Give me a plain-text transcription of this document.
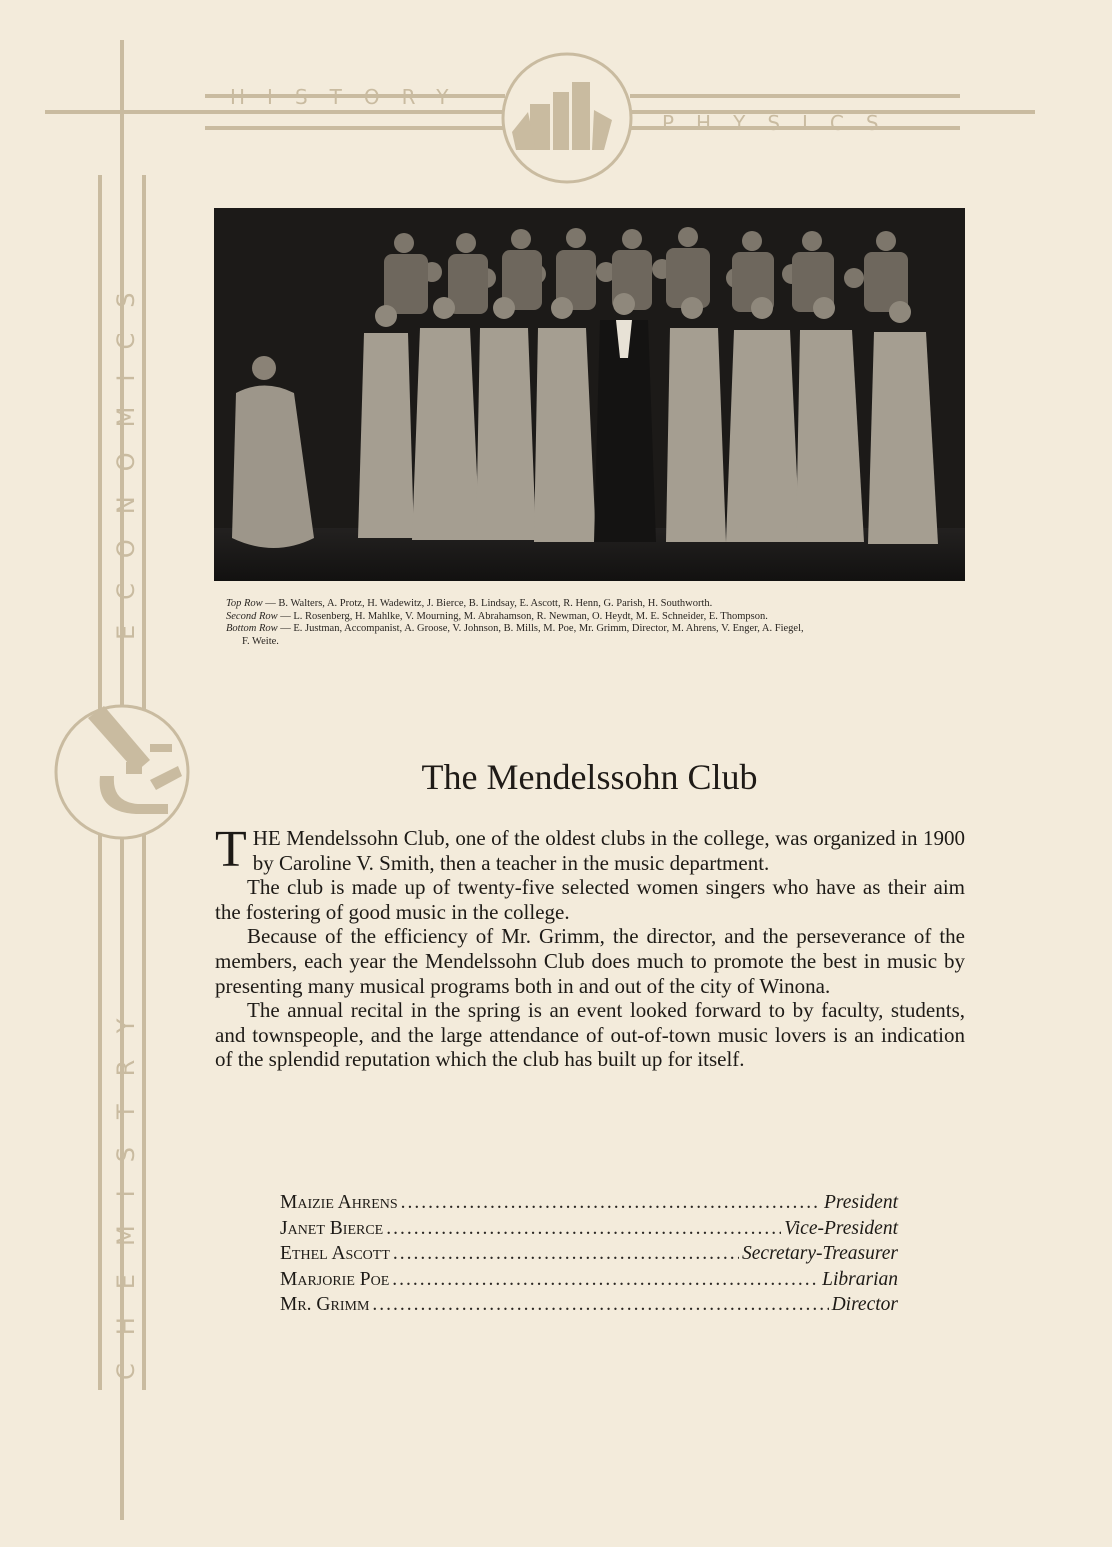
HISTORY
PHYSICS
ECONOMICS
CHEMISTRY
Top Row — B. Walters, A. Protz, H. Wadewitz, J. Bierce, B. Lindsay, E. Ascott, R. Henn, G. Parish, H. Southworth.
Second Row — L. Rosenberg, H. Mahlke, V. Mourning, M. Abrahamson, R. Newman, O. Heydt, M. E. Schneider, E. Thompson.
Bottom Row — E. Justman, Accompanist, A. Groose, V. Johnson, B. Mills, M. Poe, Mr. Grimm, Director, M. Ahrens, V. Enger, A. Fiegel,
F. Weite.
The Mendelssohn Club

THE Mendelssohn Club, one of the oldest clubs in the college, was organized in 1900 by Caroline V. Smith, then a teacher in the music department.

The club is made up of twenty-five selected women singers who have as their aim the fostering of good music in the college.

Because of the efficiency of Mr. Grimm, the director, and the perseverance of the members, each year the Mendelssohn Club does much to promote the best in music by presenting many musical programs both in and out of the city of Winona.

The annual recital in the spring is an event looked forward to by faculty, students, and townspeople, and the large attendance of out-of-town music lovers is an indication of the splendid reputation which the club has built up for itself.

Maizie Ahrens .....	President
Janet Bierce .....	Vice-President
Ethel Ascott .....	Secretary-Treasurer
Marjorie Poe .....	Librarian
Mr. Grimm .....	Director
